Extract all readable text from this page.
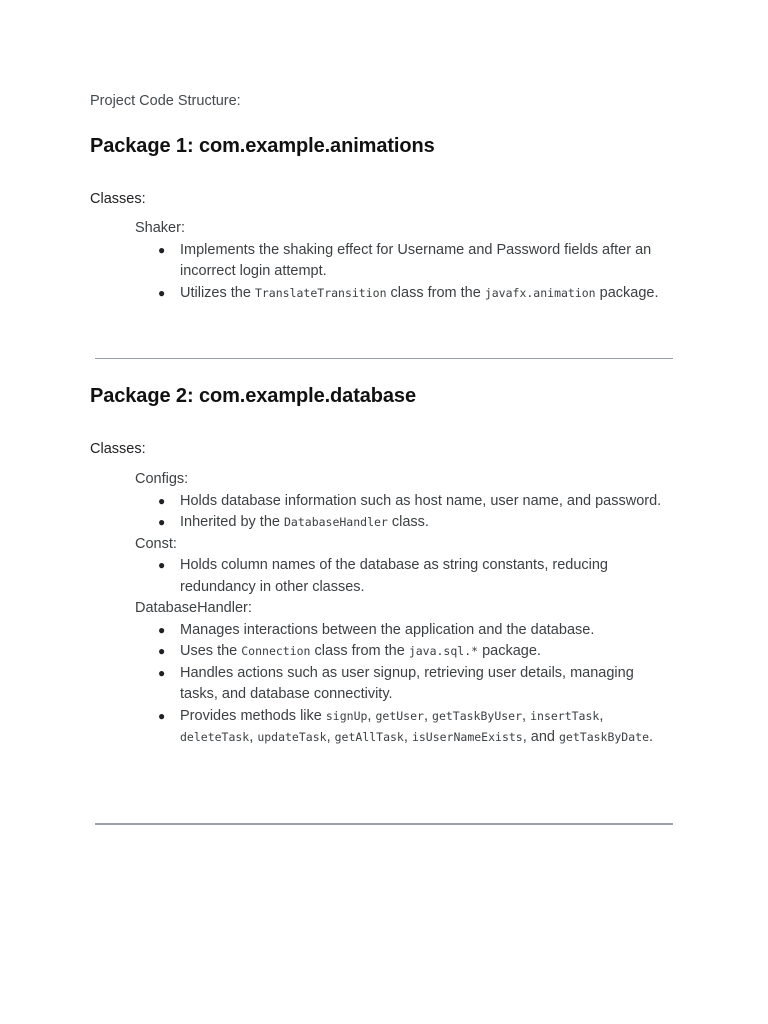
Project Code Structure:
Package 1: com.example.animations
Classes:
Shaker:
● Implements the shaking effect for Username and Password fields after an incorrect login attempt.
● Utilizes the TranslateTransition class from the javafx.animation package.
Package 2: com.example.database
Classes:
Configs:
● Holds database information such as host name, user name, and password.
● Inherited by the DatabaseHandler class.
Const:
● Holds column names of the database as string constants, reducing redundancy in other classes.
DatabaseHandler:
● Manages interactions between the application and the database.
● Uses the Connection class from the java.sql.* package.
● Handles actions such as user signup, retrieving user details, managing tasks, and database connectivity.
● Provides methods like signUp, getUser, getTaskByUser, insertTask, deleteTask, updateTask, getAllTask, isUserNameExists, and getTaskByDate.
